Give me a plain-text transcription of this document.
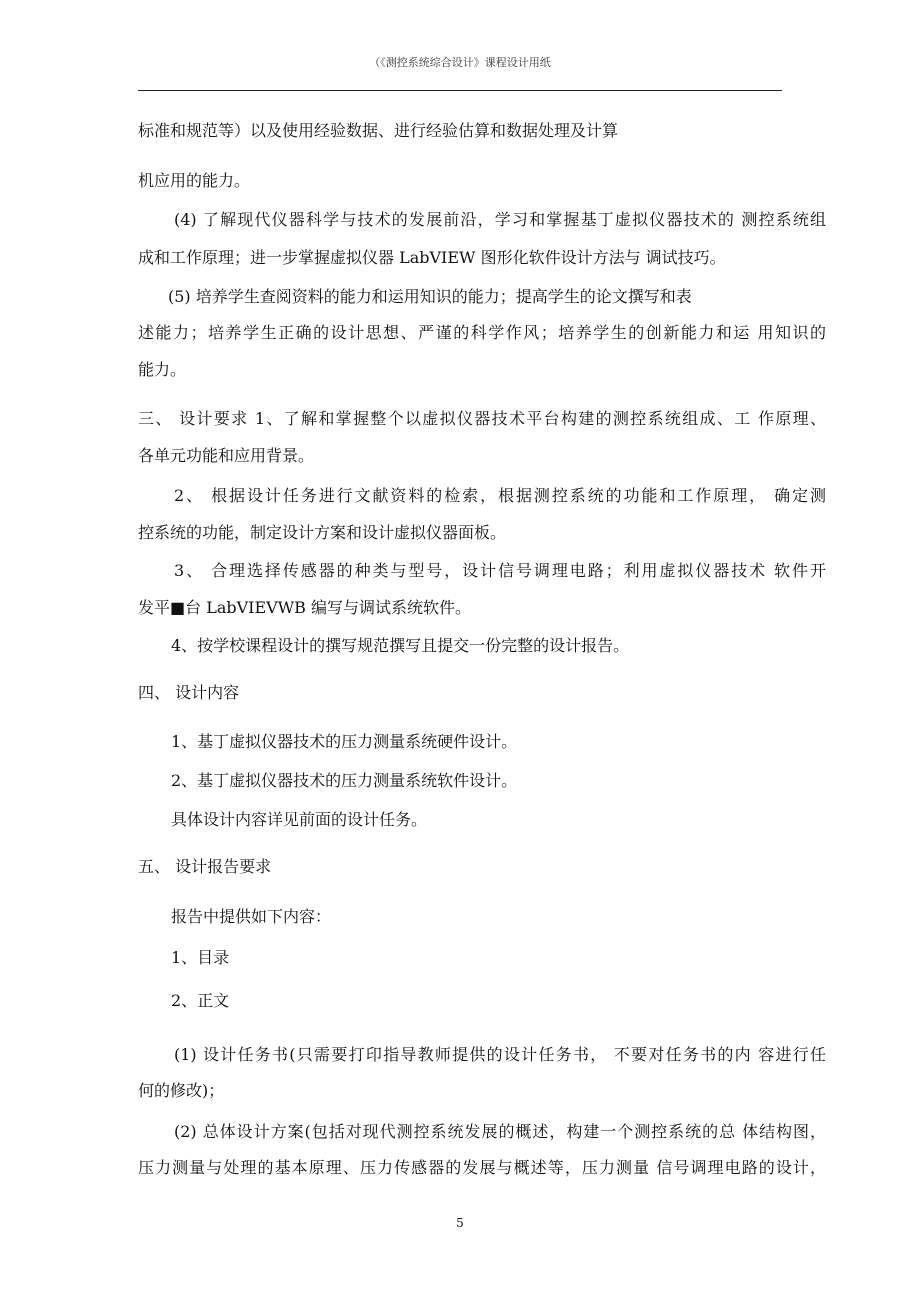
（《测控系统综合设计》课程设计用纸
标准和规范等）以及使用经验数据、进行经验估算和数据处理及计算
机应用的能力。
(4) 了解现代仪器科学与技术的发展前沿，学习和掌握基丁虚拟仪器技术的 测控系统组
成和工作原理；进一步掌握虚拟仪器 LabVIEW 图形化软件设计方法与 调试技巧。
(5) 培养学生查阅资料的能力和运用知识的能力；提高学生的论文撰写和表
述能力；培养学生正确的设计思想、严谨的科学作风；培养学生的创新能力和运 用知识的
能力。
三、 设计要求 1、了解和掌握整个以虚拟仪器技术平台构建的测控系统组成、工 作原理、
各单元功能和应用背景。
2、 根据设计任务进行文献资料的检索，根据测控系统的功能和工作原理， 确定测
控系统的功能，制定设计方案和设计虚拟仪器面板。
3、 合理选择传感器的种类与型号，设计信号调理电路；利用虚拟仪器技术 软件开
发平■台 LabVIEVWB 编写与调试系统软件。
4、按学校课程设计的撰写规范撰写且提交一份完整的设计报告。
四、 设计内容
1、基丁虚拟仪器技术的压力测量系统硬件设计。
2、基丁虚拟仪器技术的压力测量系统软件设计。
具体设计内容详见前面的设计任务。
五、 设计报告要求
报告中提供如下内容：
1、目录
2、正文
(1) 设计任务书(只需要打印指导教师提供的设计任务书， 不要对任务书的内 容进行任
何的修改)；
(2) 总体设计方案(包括对现代测控系统发展的概述，构建一个测控系统的总 体结构图，
压力测量与处理的基本原理、压力传感器的发展与概述等，压力测量 信号调理电路的设计，
5
